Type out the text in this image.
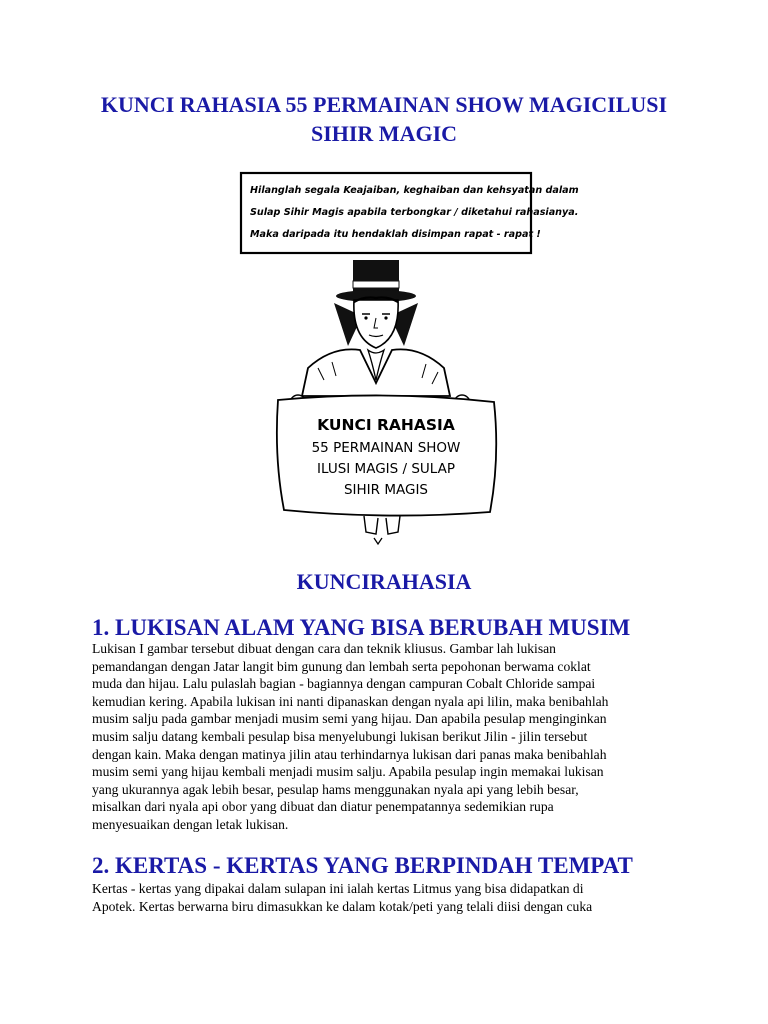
KUNCI RAHASIA 55 PERMAINAN SHOW MAGICILUSI
SIHIR MAGIC
Hilanglah segala Keajaiban, keghaiban dan kehsyatan dalam
Sulap Sihir Magis apabila terbongkar / diketahui rahasianya.
Maka daripada itu hendaklah disimpan rapat - rapat !
KUNCI RAHASIA
55 PERMAINAN SHOW
ILUSI MAGIS / SULAP
SIHIR MAGIS
KUNCIRAHASIA
1. LUKISAN ALAM YANG BISA BERUBAH MUSIM

Lukisan I gambar tersebut dibuat dengan cara dan teknik kliusus. Gambar lah lukisan
pemandangan dengan Jatar langit bim gunung dan lembah serta pepohonan berwama coklat
muda dan hijau. Lalu pulaslah bagian - bagiannya dengan campuran Cobalt Chloride sampai
kemudian kering. Apabila lukisan ini nanti dipanaskan dengan nyala api lilin, maka benibahlah
musim salju pada gambar menjadi musim semi yang hijau. Dan apabila pesulap menginginkan
musim salju datang kembali pesulap bisa menyelubungi lukisan berikut Jilin - jilin tersebut
dengan kain. Maka dengan matinya jilin atau terhindarnya lukisan dari panas maka benibahlah
musim semi yang hijau kembali menjadi musim salju. Apabila pesulap ingin memakai lukisan
yang ukurannya agak lebih besar, pesulap hams menggunakan nyala api yang lebih besar,
misalkan dari nyala api obor yang dibuat dan diatur penempatannya sedemikian rupa
menyesuaikan dengan letak lukisan.

2. KERTAS - KERTAS YANG BERPINDAH TEMPAT

Kertas - kertas yang dipakai dalam sulapan ini ialah kertas Litmus yang bisa didapatkan di
Apotek. Kertas berwarna biru dimasukkan ke dalam kotak/peti yang telali diisi dengan cuka
